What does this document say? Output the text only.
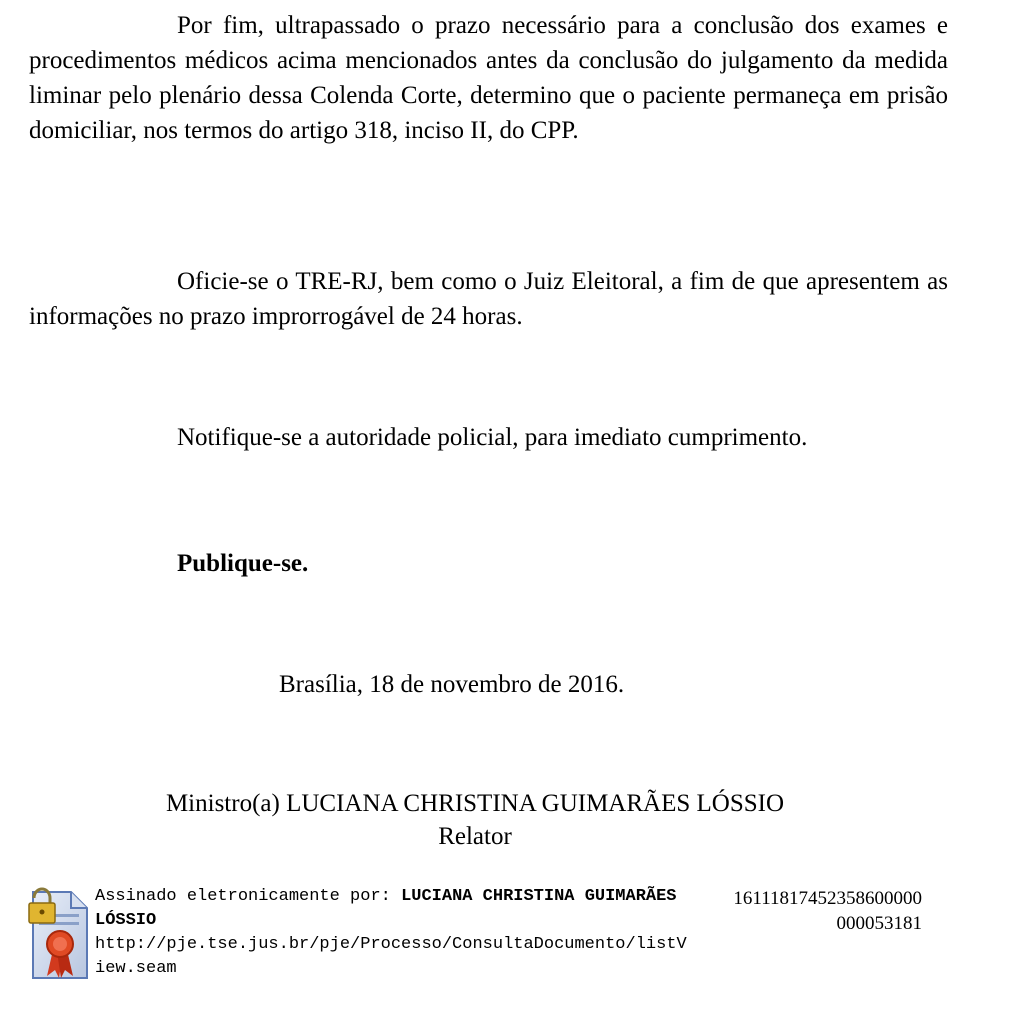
Por fim, ultrapassado o prazo necessário para a conclusão dos exames e procedimentos médicos acima mencionados antes da conclusão do julgamento da medida liminar pelo plenário dessa Colenda Corte, determino que o paciente permaneça em prisão domiciliar, nos termos do artigo 318, inciso II, do CPP.

Oficie-se o TRE-RJ, bem como o Juiz Eleitoral, a fim de que apresentem as informações no prazo improrrogável de 24 horas.

Notifique-se a autoridade policial, para imediato cumprimento.

Publique-se.

Brasília, 18 de novembro de 2016.

Ministro(a) LUCIANA CHRISTINA GUIMARÃES LÓSSIO

Relator

Assinado eletronicamente por: LUCIANA CHRISTINA GUIMARÃES LÓSSIO
http://pje.tse.jus.br/pje/Processo/ConsultaDocumento/listView.seam

16111817452358600000
000053181
